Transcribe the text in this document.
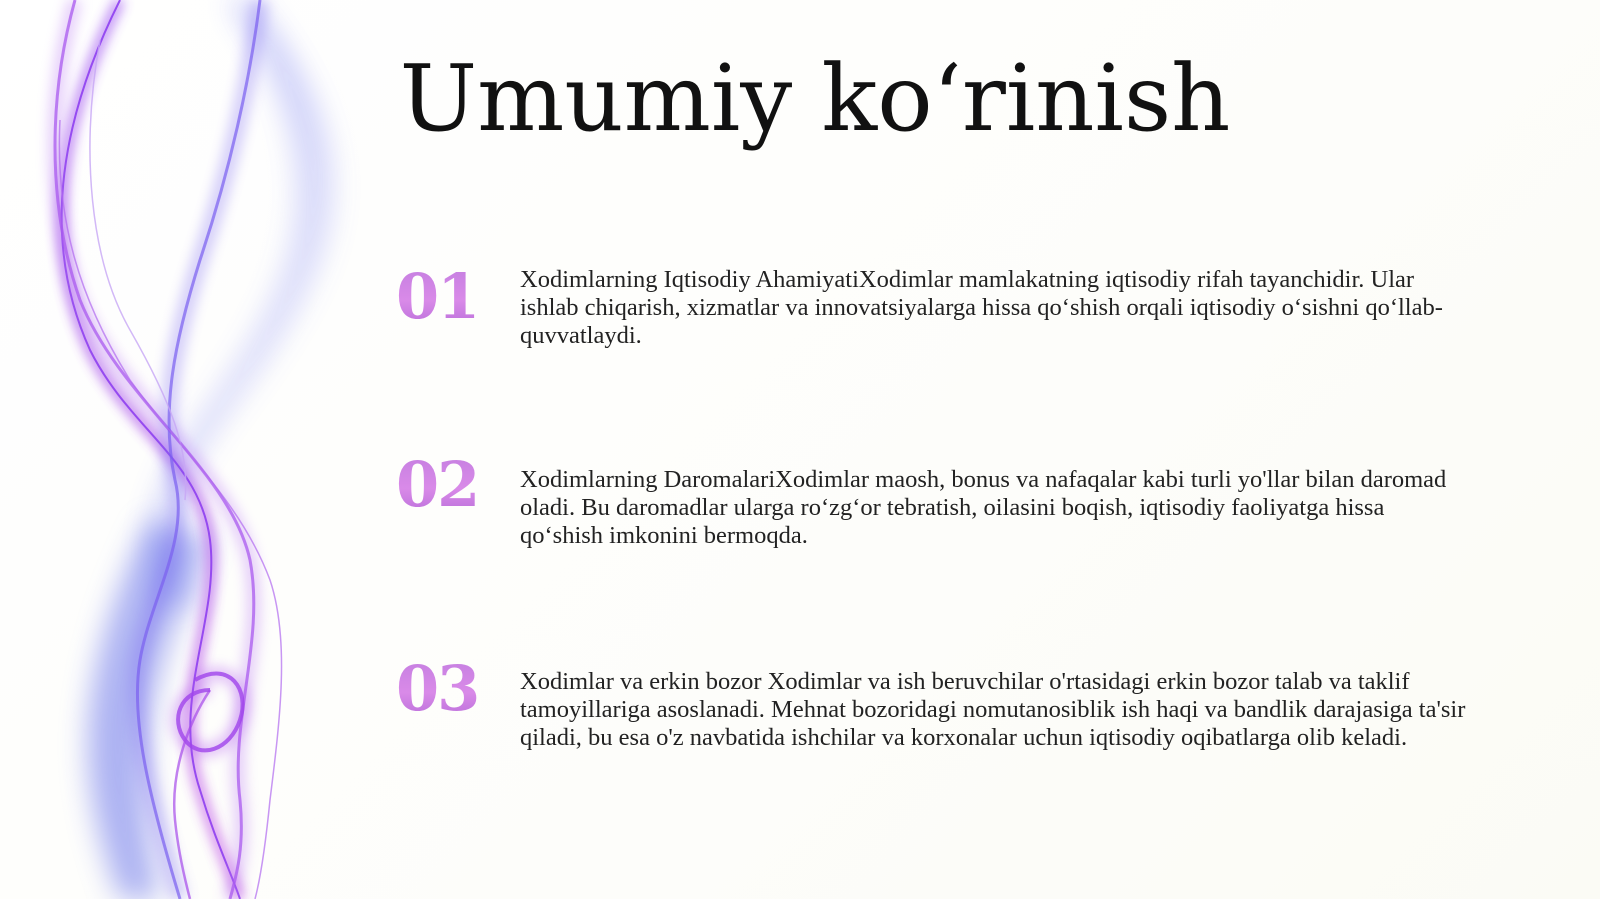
Umumiy ko‘rinish
01 Xodimlarning Iqtisodiy AhamiyatiXodimlar mamlakatning iqtisodiy rifah tayanchidir. Ular ishlab chiqarish, xizmatlar va innovatsiyalarga hissa qo‘shish orqali iqtisodiy o‘sishni qo‘llab-quvvatlaydi.
02 Xodimlarning DaromalariXodimlar maosh, bonus va nafaqalar kabi turli yo'llar bilan daromad oladi. Bu daromadlar ularga ro‘zg‘or tebratish, oilasini boqish, iqtisodiy faoliyatga hissa qo‘shish imkonini bermoqda.
03 Xodimlar va erkin bozor Xodimlar va ish beruvchilar o'rtasidagi erkin bozor talab va taklif tamoyillariga asoslanadi. Mehnat bozoridagi nomutanosiblik ish haqi va bandlik darajasiga ta'sir qiladi, bu esa o'z navbatida ishchilar va korxonalar uchun iqtisodiy oqibatlarga olib keladi.
